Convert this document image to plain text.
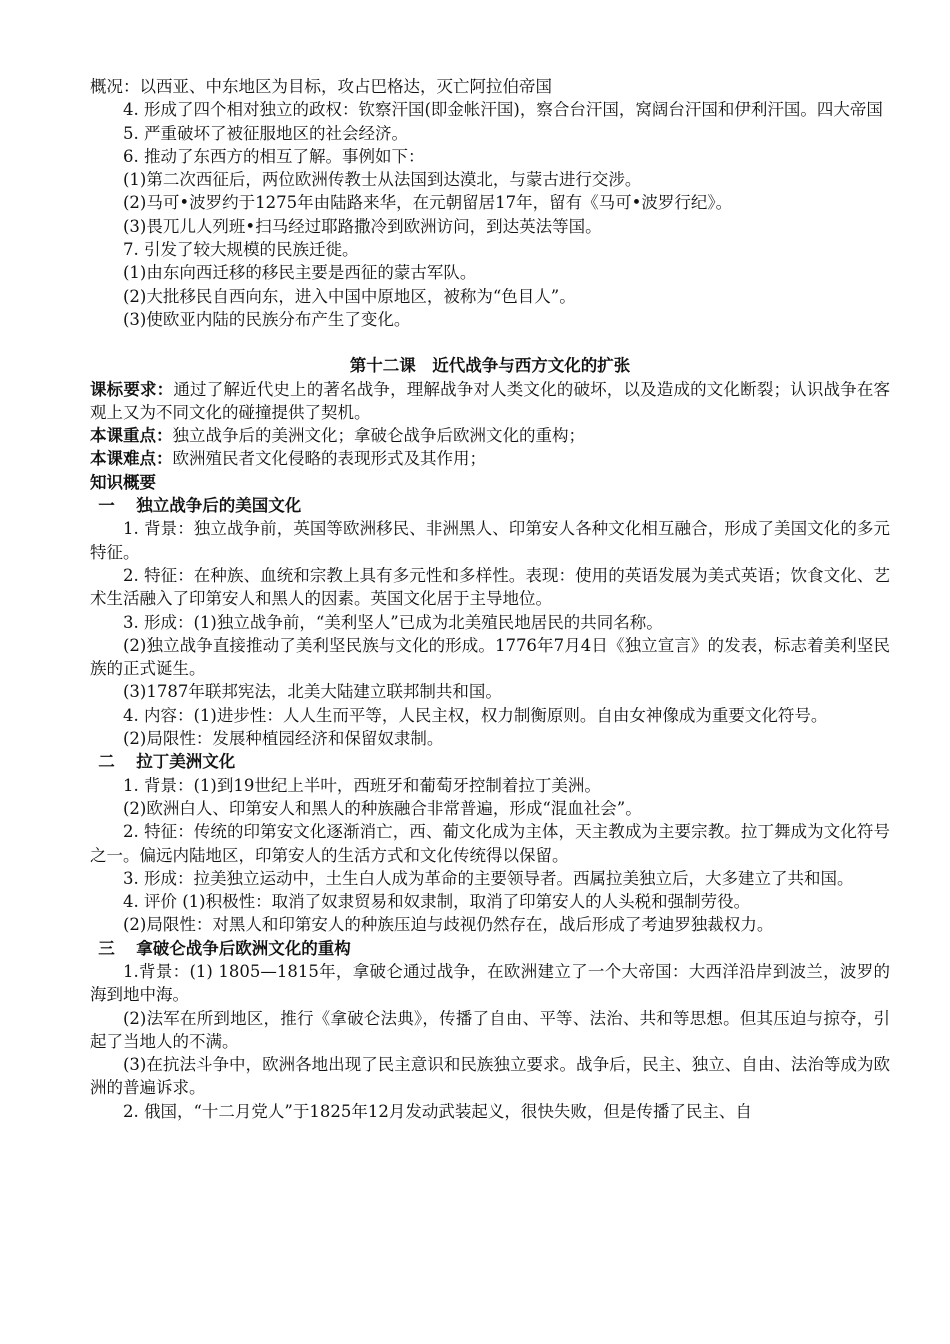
概况：以西亚、中东地区为目标，攻占巴格达，灭亡阿拉伯帝国

4. 形成了四个相对独立的政权：钦察汗国(即金帐汗国)，察合台汗国，窝阔台汗国和伊利汗国。四大帝国

5. 严重破坏了被征服地区的社会经济。

6. 推动了东西方的相互了解。事例如下：

(1)第二次西征后，两位欧洲传教士从法国到达漠北，与蒙古进行交涉。

(2)马可•波罗约于1275年由陆路来华，在元朝留居17年，留有《马可•波罗行纪》。

(3)畏兀儿人列班•扫马经过耶路撒冷到欧洲访问，到达英法等国。

7. 引发了较大规模的民族迁徙。

(1)由东向西迁移的移民主要是西征的蒙古军队。

(2)大批移民自西向东，进入中国中原地区，被称为“色目人”。

(3)使欧亚内陆的民族分布产生了变化。

第十二课　近代战争与西方文化的扩张

课标要求：通过了解近代史上的著名战争，理解战争对人类文化的破坏，以及造成的文化断裂；认识战争在客观上又为不同文化的碰撞提供了契机。

本课重点：独立战争后的美洲文化；拿破仑战争后欧洲文化的重构；

本课难点：欧洲殖民者文化侵略的表现形式及其作用；

知识概要

一 独立战争后的美国文化

1. 背景：独立战争前，英国等欧洲移民、非洲黑人、印第安人各种文化相互融合，形成了美国文化的多元特征。

2. 特征：在种族、血统和宗教上具有多元性和多样性。表现：使用的英语发展为美式英语；饮食文化、艺术生活融入了印第安人和黑人的因素。英国文化居于主导地位。

3. 形成：(1)独立战争前，“美利坚人”已成为北美殖民地居民的共同名称。

(2)独立战争直接推动了美利坚民族与文化的形成。1776年7月4日《独立宣言》的发表，标志着美利坚民族的正式诞生。

(3)1787年联邦宪法，北美大陆建立联邦制共和国。

4. 内容：(1)进步性：人人生而平等，人民主权，权力制衡原则。自由女神像成为重要文化符号。

(2)局限性：发展种植园经济和保留奴隶制。

二 拉丁美洲文化

1. 背景：(1)到19世纪上半叶，西班牙和葡萄牙控制着拉丁美洲。

(2)欧洲白人、印第安人和黑人的种族融合非常普遍，形成“混血社会”。

2. 特征：传统的印第安文化逐渐消亡，西、葡文化成为主体，天主教成为主要宗教。拉丁舞成为文化符号之一。偏远内陆地区，印第安人的生活方式和文化传统得以保留。

3. 形成：拉美独立运动中，土生白人成为革命的主要领导者。西属拉美独立后，大多建立了共和国。

4. 评价 (1)积极性：取消了奴隶贸易和奴隶制，取消了印第安人的人头税和强制劳役。

(2)局限性：对黑人和印第安人的种族压迫与歧视仍然存在，战后形成了考迪罗独裁权力。

三 拿破仑战争后欧洲文化的重构

1.背景：(1) 1805—1815年，拿破仑通过战争，在欧洲建立了一个大帝国：大西洋沿岸到波兰，波罗的海到地中海。

(2)法军在所到地区，推行《拿破仑法典》，传播了自由、平等、法治、共和等思想。但其压迫与掠夺，引起了当地人的不满。

(3)在抗法斗争中，欧洲各地出现了民主意识和民族独立要求。战争后，民主、独立、自由、法治等成为欧洲的普遍诉求。

2. 俄国，“十二月党人”于1825年12月发动武装起义，很快失败，但是传播了民主、自
